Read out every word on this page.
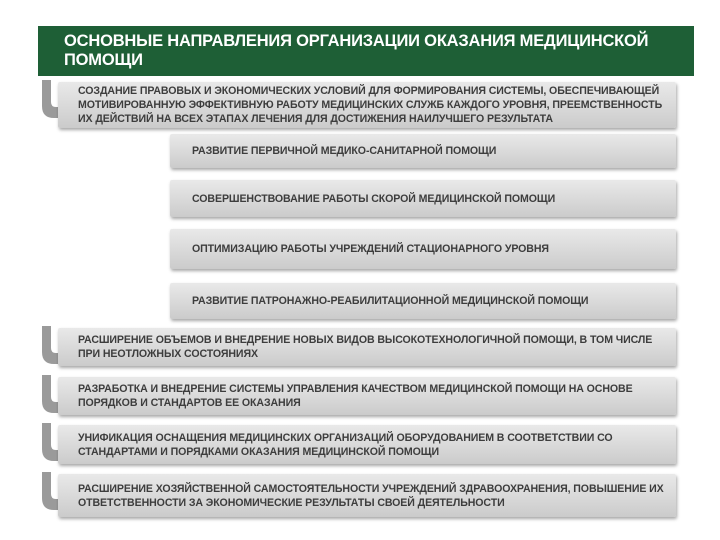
ОСНОВНЫЕ НАПРАВЛЕНИЯ ОРГАНИЗАЦИИ ОКАЗАНИЯ МЕДИЦИНСКОЙ ПОМОЩИ
СОЗДАНИЕ ПРАВОВЫХ И ЭКОНОМИЧЕСКИХ УСЛОВИЙ ДЛЯ ФОРМИРОВАНИЯ СИСТЕМЫ, ОБЕСПЕЧИВАЮЩЕЙ МОТИВИРОВАННУЮ ЭФФЕКТИВНУЮ РАБОТУ МЕДИЦИНСКИХ СЛУЖБ КАЖДОГО УРОВНЯ, ПРЕЕМСТВЕННОСТЬ ИХ ДЕЙСТВИЙ НА ВСЕХ ЭТАПАХ ЛЕЧЕНИЯ ДЛЯ ДОСТИЖЕНИЯ НАИЛУЧШЕГО РЕЗУЛЬТАТА
РАЗВИТИЕ ПЕРВИЧНОЙ МЕДИКО-САНИТАРНОЙ ПОМОЩИ
СОВЕРШЕНСТВОВАНИЕ РАБОТЫ СКОРОЙ МЕДИЦИНСКОЙ ПОМОЩИ
ОПТИМИЗАЦИЮ РАБОТЫ УЧРЕЖДЕНИЙ СТАЦИОНАРНОГО УРОВНЯ
РАЗВИТИЕ ПАТРОНАЖНО-РЕАБИЛИТАЦИОННОЙ МЕДИЦИНСКОЙ ПОМОЩИ
РАСШИРЕНИЕ ОБЪЕМОВ И ВНЕДРЕНИЕ НОВЫХ ВИДОВ ВЫСОКОТЕХНОЛОГИЧНОЙ ПОМОЩИ, В ТОМ ЧИСЛЕ ПРИ НЕОТЛОЖНЫХ СОСТОЯНИЯХ
РАЗРАБОТКА И ВНЕДРЕНИЕ СИСТЕМЫ УПРАВЛЕНИЯ КАЧЕСТВОМ МЕДИЦИНСКОЙ ПОМОЩИ НА ОСНОВЕ ПОРЯДКОВ И СТАНДАРТОВ ЕЕ ОКАЗАНИЯ
УНИФИКАЦИЯ ОСНАЩЕНИЯ МЕДИЦИНСКИХ ОРГАНИЗАЦИЙ ОБОРУДОВАНИЕМ В СООТВЕТСТВИИ СО СТАНДАРТАМИ И ПОРЯДКАМИ ОКАЗАНИЯ МЕДИЦИНСКОЙ ПОМОЩИ
РАСШИРЕНИЕ ХОЗЯЙСТВЕННОЙ САМОСТОЯТЕЛЬНОСТИ УЧРЕЖДЕНИЙ ЗДРАВООХРАНЕНИЯ, ПОВЫШЕНИЕ ИХ ОТВЕТСТВЕННОСТИ ЗА ЭКОНОМИЧЕСКИЕ РЕЗУЛЬТАТЫ СВОЕЙ ДЕЯТЕЛЬНОСТИ
